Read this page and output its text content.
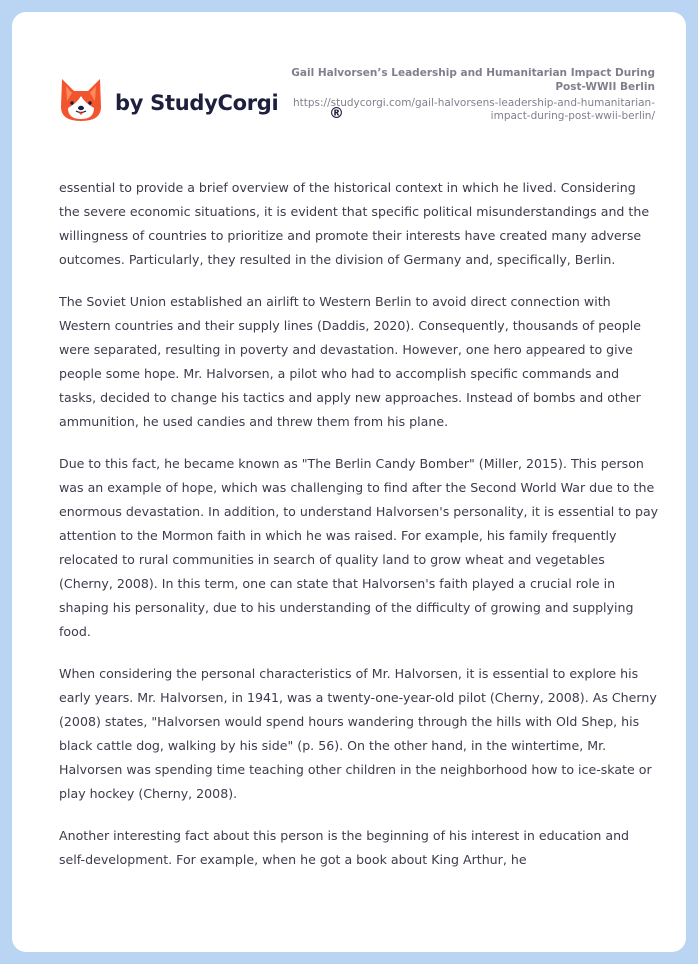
by StudyCorgi	®
Gail Halvorsen’s Leadership and Humanitarian Impact During Post-WWII Berlin
https://studycorgi.com/gail-halvorsens-leadership-and-humanitarian-impact-during-post-wwii-berlin/

essential to provide a brief overview of the historical context in which he lived. Considering the severe economic situations, it is evident that specific political misunderstandings and the willingness of countries to prioritize and promote their interests have created many adverse outcomes. Particularly, they resulted in the division of Germany and, specifically, Berlin.

The Soviet Union established an airlift to Western Berlin to avoid direct connection with Western countries and their supply lines (Daddis, 2020). Consequently, thousands of people were separated, resulting in poverty and devastation. However, one hero appeared to give people some hope. Mr. Halvorsen, a pilot who had to accomplish specific commands and tasks, decided to change his tactics and apply new approaches. Instead of bombs and other ammunition, he used candies and threw them from his plane.

Due to this fact, he became known as "The Berlin Candy Bomber" (Miller, 2015). This person was an example of hope, which was challenging to find after the Second World War due to the enormous devastation. In addition, to understand Halvorsen's personality, it is essential to pay attention to the Mormon faith in which he was raised. For example, his family frequently relocated to rural communities in search of quality land to grow wheat and vegetables (Cherny, 2008). In this term, one can state that Halvorsen's faith played a crucial role in shaping his personality, due to his understanding of the difficulty of growing and supplying food.

When considering the personal characteristics of Mr. Halvorsen, it is essential to explore his early years. Mr. Halvorsen, in 1941, was a twenty-one-year-old pilot (Cherny, 2008). As Cherny (2008) states, "Halvorsen would spend hours wandering through the hills with Old Shep, his black cattle dog, walking by his side" (p. 56). On the other hand, in the wintertime, Mr. Halvorsen was spending time teaching other children in the neighborhood how to ice-skate or play hockey (Cherny, 2008).

Another interesting fact about this person is the beginning of his interest in education and self-development. For example, when he got a book about King Arthur, he
